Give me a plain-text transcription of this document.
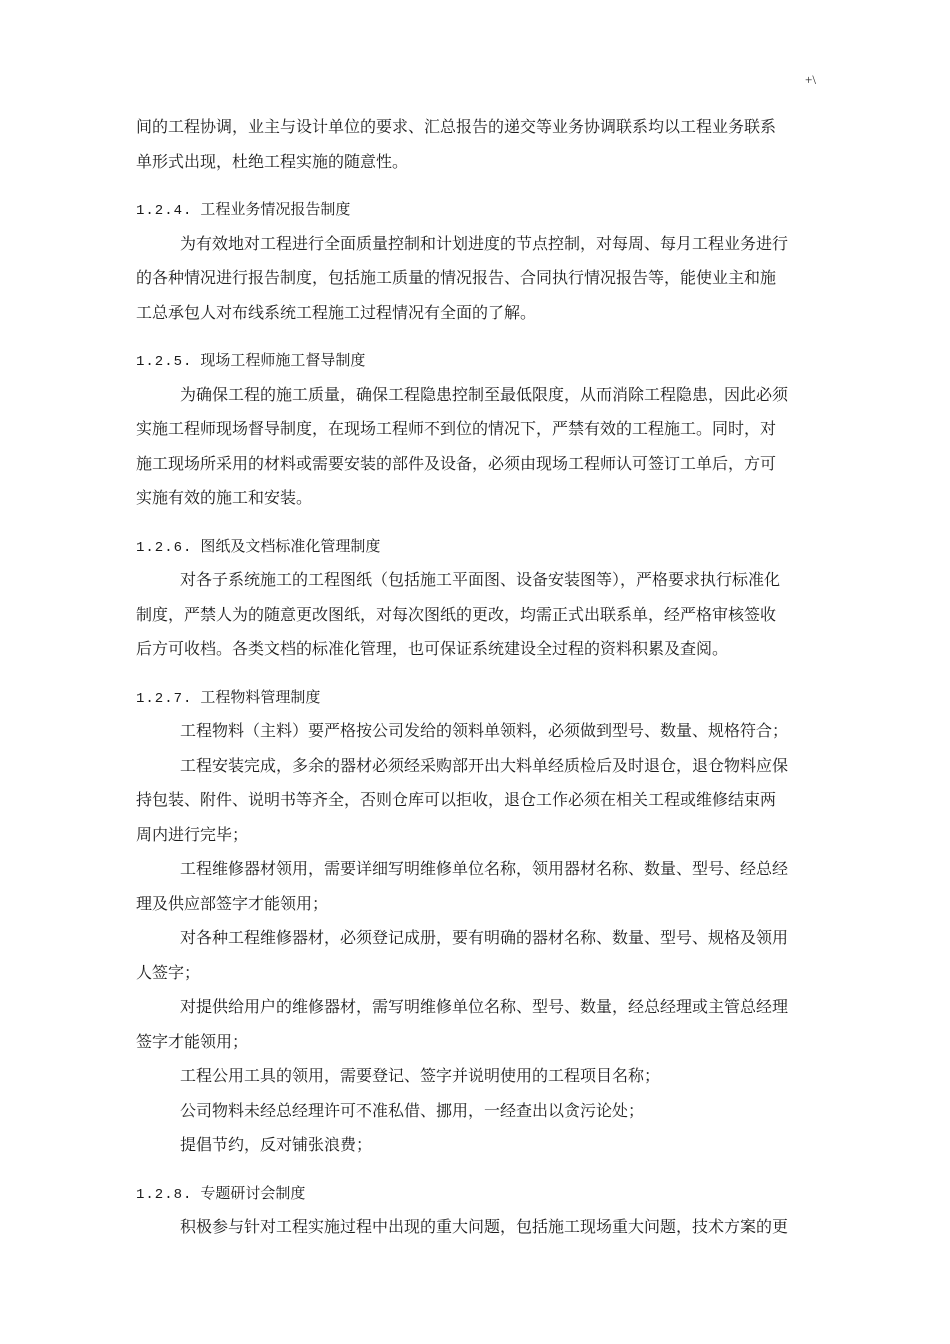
+\
间的工程协调，业主与设计单位的要求、汇总报告的递交等业务协调联系均以工程业务联系
单形式出现，杜绝工程实施的随意性。
1.2.4. 工程业务情况报告制度
为有效地对工程进行全面质量控制和计划进度的节点控制，对每周、每月工程业务进行
的各种情况进行报告制度，包括施工质量的情况报告、合同执行情况报告等，能使业主和施
工总承包人对布线系统工程施工过程情况有全面的了解。
1.2.5. 现场工程师施工督导制度
为确保工程的施工质量，确保工程隐患控制至最低限度，从而消除工程隐患，因此必须
实施工程师现场督导制度，在现场工程师不到位的情况下，严禁有效的工程施工。同时，对
施工现场所采用的材料或需要安装的部件及设备，必须由现场工程师认可签订工单后，方可
实施有效的施工和安装。
1.2.6. 图纸及文档标准化管理制度
对各子系统施工的工程图纸（包括施工平面图、设备安装图等），严格要求执行标准化
制度，严禁人为的随意更改图纸，对每次图纸的更改，均需正式出联系单，经严格审核签收
后方可收档。各类文档的标准化管理，也可保证系统建设全过程的资料积累及查阅。
1.2.7. 工程物料管理制度
工程物料（主料）要严格按公司发给的领料单领料，必须做到型号、数量、规格符合；
工程安装完成，多余的器材必须经采购部开出大料单经质检后及时退仓，退仓物料应保
持包装、附件、说明书等齐全，否则仓库可以拒收，退仓工作必须在相关工程或维修结束两
周内进行完毕；
工程维修器材领用，需要详细写明维修单位名称，领用器材名称、数量、型号、经总经
理及供应部签字才能领用；
对各种工程维修器材，必须登记成册，要有明确的器材名称、数量、型号、规格及领用
人签字；
对提供给用户的维修器材，需写明维修单位名称、型号、数量，经总经理或主管总经理
签字才能领用；
工程公用工具的领用，需要登记、签字并说明使用的工程项目名称；
公司物料未经总经理许可不准私借、挪用，一经查出以贪污论处；
提倡节约，反对铺张浪费；
1.2.8. 专题研讨会制度
积极参与针对工程实施过程中出现的重大问题，包括施工现场重大问题，技术方案的更
